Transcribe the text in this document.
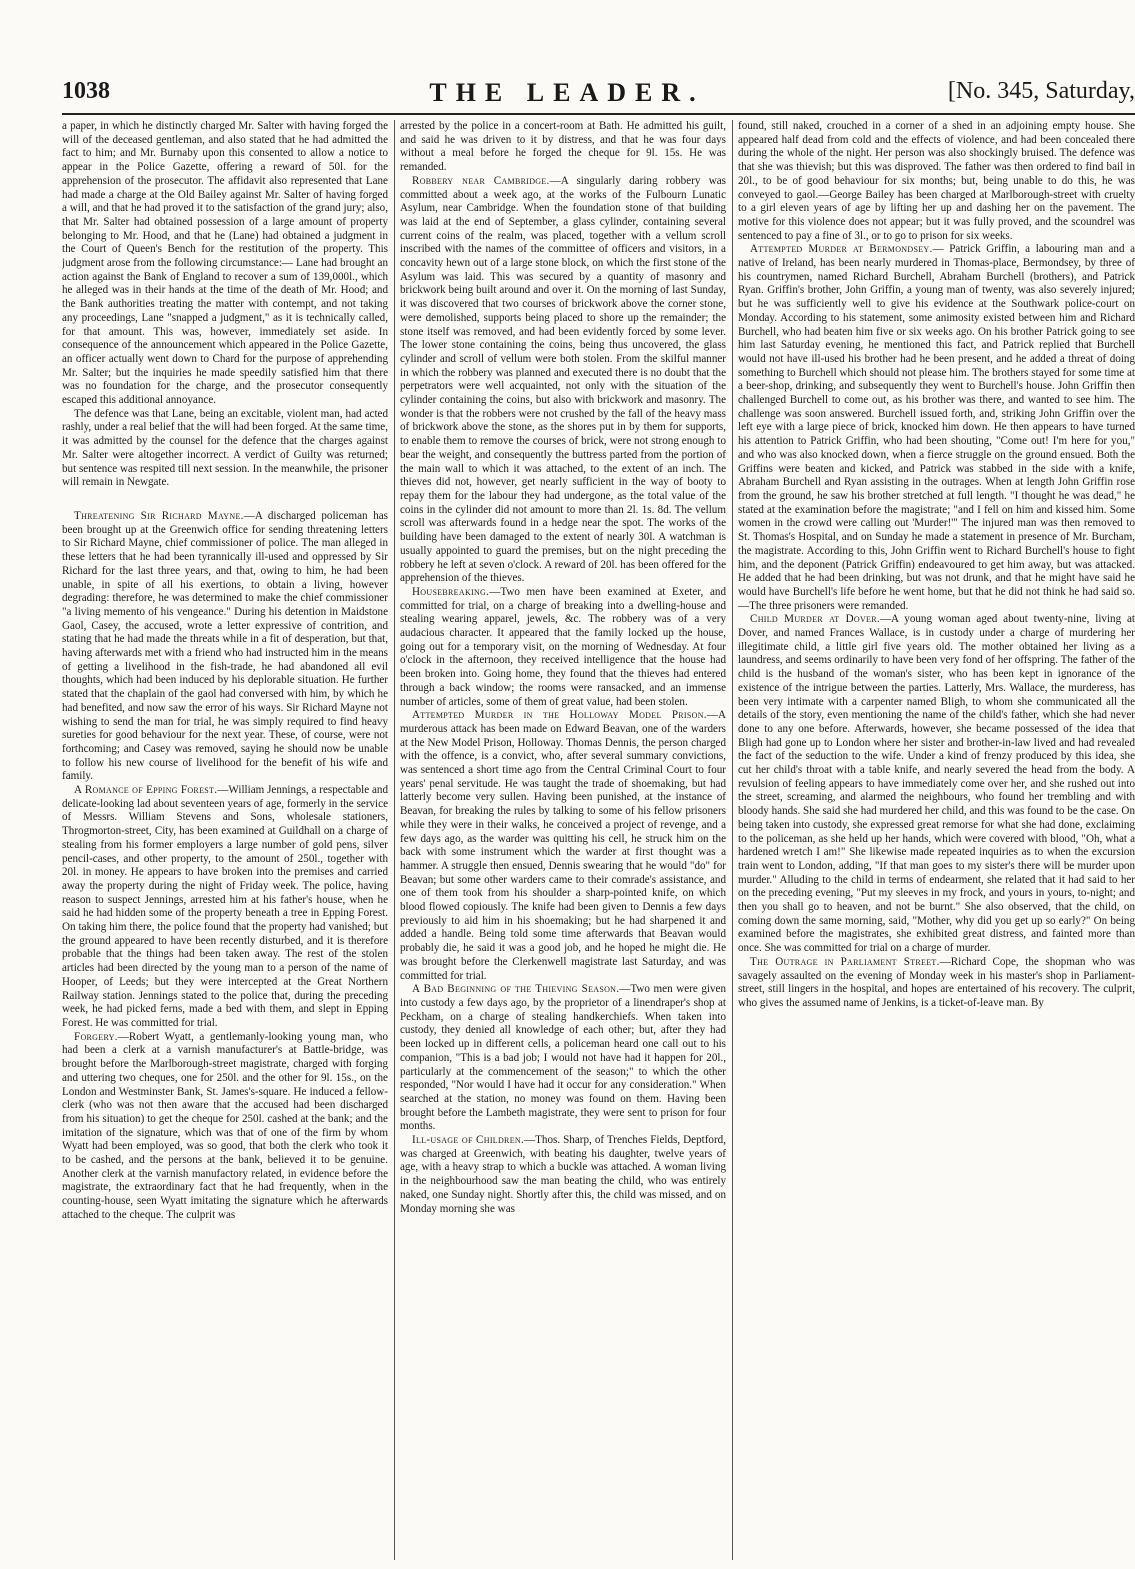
1038	THE LEADER.	[No. 345, Saturday,

a paper, in which he distinctly charged Mr. Salter with having forged the will of the deceased gentleman, and also stated that he had admitted the fact to him; and Mr. Burnaby upon this consented to allow a notice to appear in the Police Gazette, offering a reward of 50l. for the apprehension of the prosecutor. The affidavit also represented that Lane had made a charge at the Old Bailey against Mr. Salter of having forged a will, and that he had proved it to the satisfaction of the grand jury; also, that Mr. Salter had obtained possession of a large amount of property belonging to Mr. Hood, and that he (Lane) had obtained a judgment in the Court of Queen's Bench for the restitution of the property. This judgment arose from the following circumstance:— Lane had brought an action against the Bank of England to recover a sum of 139,000l., which he alleged was in their hands at the time of the death of Mr. Hood; and the Bank authorities treating the matter with contempt, and not taking any proceedings, Lane "snapped a judgment," as it is technically called, for that amount. This was, however, immediately set aside. In consequence of the announcement which appeared in the Police Gazette, an officer actually went down to Chard for the purpose of apprehending Mr. Salter; but the inquiries he made speedily satisfied him that there was no foundation for the charge, and the prosecutor consequently escaped this additional annoyance.

The defence was that Lane, being an excitable, violent man, had acted rashly, under a real belief that the will had been forged. At the same time, it was admitted by the counsel for the defence that the charges against Mr. Salter were altogether incorrect. A verdict of Guilty was returned; but sentence was respited till next session. In the meanwhile, the prisoner will remain in Newgate.

Threatening Sir Richard Mayne.—A discharged policeman has been brought up at the Greenwich office for sending threatening letters to Sir Richard Mayne, chief commissioner of police. The man alleged in these letters that he had been tyrannically ill-used and oppressed by Sir Richard for the last three years, and that, owing to him, he had been unable, in spite of all his exertions, to obtain a living, however degrading: therefore, he was determined to make the chief commissioner "a living memento of his vengeance." During his detention in Maidstone Gaol, Casey, the accused, wrote a letter expressive of contrition, and stating that he had made the threats while in a fit of desperation, but that, having afterwards met with a friend who had instructed him in the means of getting a livelihood in the fish-trade, he had abandoned all evil thoughts, which had been induced by his deplorable situation. He further stated that the chaplain of the gaol had conversed with him, by which he had benefited, and now saw the error of his ways. Sir Richard Mayne not wishing to send the man for trial, he was simply required to find heavy sureties for good behaviour for the next year. These, of course, were not forthcoming; and Casey was removed, saying he should now be unable to follow his new course of livelihood for the benefit of his wife and family.

A Romance of Epping Forest.—William Jennings, a respectable and delicate-looking lad about seventeen years of age, formerly in the service of Messrs. William Stevens and Sons, wholesale stationers, Throgmorton-street, City, has been examined at Guildhall on a charge of stealing from his former employers a large number of gold pens, silver pencil-cases, and other property, to the amount of 250l., together with 20l. in money. He appears to have broken into the premises and carried away the property during the night of Friday week. The police, having reason to suspect Jennings, arrested him at his father's house, when he said he had hidden some of the property beneath a tree in Epping Forest. On taking him there, the police found that the property had vanished; but the ground appeared to have been recently disturbed, and it is therefore probable that the things had been taken away. The rest of the stolen articles had been directed by the young man to a person of the name of Hooper, of Leeds; but they were intercepted at the Great Northern Railway station. Jennings stated to the police that, during the preceding week, he had picked ferns, made a bed with them, and slept in Epping Forest. He was committed for trial.

Forgery.—Robert Wyatt, a gentlemanly-looking young man, who had been a clerk at a varnish manufacturer's at Battle-bridge, was brought before the Marlborough-street magistrate, charged with forging and uttering two cheques, one for 250l. and the other for 9l. 15s., on the London and Westminster Bank, St. James's-square. He induced a fellow-clerk (who was not then aware that the accused had been discharged from his situation) to get the cheque for 250l. cashed at the bank; and the imitation of the signature, which was that of one of the firm by whom Wyatt had been employed, was so good, that both the clerk who took it to be cashed, and the persons at the bank, believed it to be genuine. Another clerk at the varnish manufactory related, in evidence before the magistrate, the extraordinary fact that he had frequently, when in the counting-house, seen Wyatt imitating the signature which he afterwards attached to the cheque. The culprit was

arrested by the police in a concert-room at Bath. He admitted his guilt, and said he was driven to it by distress, and that he was four days without a meal before he forged the cheque for 9l. 15s. He was remanded.

Robbery near Cambridge.—A singularly daring robbery was committed about a week ago, at the works of the Fulbourn Lunatic Asylum, near Cambridge. When the foundation stone of that building was laid at the end of September, a glass cylinder, containing several current coins of the realm, was placed, together with a vellum scroll inscribed with the names of the committee of officers and visitors, in a concavity hewn out of a large stone block, on which the first stone of the Asylum was laid. This was secured by a quantity of masonry and brickwork being built around and over it. On the morning of last Sunday, it was discovered that two courses of brickwork above the corner stone, were demolished, supports being placed to shore up the remainder; the stone itself was removed, and had been evidently forced by some lever. The lower stone containing the coins, being thus uncovered, the glass cylinder and scroll of vellum were both stolen. From the skilful manner in which the robbery was planned and executed there is no doubt that the perpetrators were well acquainted, not only with the situation of the cylinder containing the coins, but also with brickwork and masonry. The wonder is that the robbers were not crushed by the fall of the heavy mass of brickwork above the stone, as the shores put in by them for supports, to enable them to remove the courses of brick, were not strong enough to bear the weight, and consequently the buttress parted from the portion of the main wall to which it was attached, to the extent of an inch. The thieves did not, however, get nearly sufficient in the way of booty to repay them for the labour they had undergone, as the total value of the coins in the cylinder did not amount to more than 2l. 1s. 8d. The vellum scroll was afterwards found in a hedge near the spot. The works of the building have been damaged to the extent of nearly 30l. A watchman is usually appointed to guard the premises, but on the night preceding the robbery he left at seven o'clock. A reward of 20l. has been offered for the apprehension of the thieves.

Housebreaking.—Two men have been examined at Exeter, and committed for trial, on a charge of breaking into a dwelling-house and stealing wearing apparel, jewels, &c. The robbery was of a very audacious character. It appeared that the family locked up the house, going out for a temporary visit, on the morning of Wednesday. At four o'clock in the afternoon, they received intelligence that the house had been broken into. Going home, they found that the thieves had entered through a back window; the rooms were ransacked, and an immense number of articles, some of them of great value, had been stolen.

Attempted Murder in the Holloway Model Prison.—A murderous attack has been made on Edward Beavan, one of the warders at the New Model Prison, Holloway. Thomas Dennis, the person charged with the offence, is a convict, who, after several summary convictions, was sentenced a short time ago from the Central Criminal Court to four years' penal servitude. He was taught the trade of shoemaking, but had latterly become very sullen. Having been punished, at the instance of Beavan, for breaking the rules by talking to some of his fellow prisoners while they were in their walks, he conceived a project of revenge, and a few days ago, as the warder was quitting his cell, he struck him on the back with some instrument which the warder at first thought was a hammer. A struggle then ensued, Dennis swearing that he would "do" for Beavan; but some other warders came to their comrade's assistance, and one of them took from his shoulder a sharp-pointed knife, on which blood flowed copiously. The knife had been given to Dennis a few days previously to aid him in his shoemaking; but he had sharpened it and added a handle. Being told some time afterwards that Beavan would probably die, he said it was a good job, and he hoped he might die. He was brought before the Clerkenwell magistrate last Saturday, and was committed for trial.

A Bad Beginning of the Thieving Season.—Two men were given into custody a few days ago, by the proprietor of a linendraper's shop at Peckham, on a charge of stealing handkerchiefs. When taken into custody, they denied all knowledge of each other; but, after they had been locked up in different cells, a policeman heard one call out to his companion, "This is a bad job; I would not have had it happen for 20l., particularly at the commencement of the season;" to which the other responded, "Nor would I have had it occur for any consideration." When searched at the station, no money was found on them. Having been brought before the Lambeth magistrate, they were sent to prison for four months.

Ill-usage of Children.—Thos. Sharp, of Trenches Fields, Deptford, was charged at Greenwich, with beating his daughter, twelve years of age, with a heavy strap to which a buckle was attached. A woman living in the neighbourhood saw the man beating the child, who was entirely naked, one Sunday night. Shortly after this, the child was missed, and on Monday morning she was

found, still naked, crouched in a corner of a shed in an adjoining empty house. She appeared half dead from cold and the effects of violence, and had been concealed there during the whole of the night. Her person was also shockingly bruised. The defence was that she was thievish; but this was disproved. The father was then ordered to find bail in 20l., to be of good behaviour for six months; but, being unable to do this, he was conveyed to gaol.—George Bailey has been charged at Marlborough-street with cruelty to a girl eleven years of age by lifting her up and dashing her on the pavement. The motive for this violence does not appear; but it was fully proved, and the scoundrel was sentenced to pay a fine of 3l., or to go to prison for six weeks.

Attempted Murder at Bermondsey.— Patrick Griffin, a labouring man and a native of Ireland, has been nearly murdered in Thomas-place, Bermondsey, by three of his countrymen, named Richard Burchell, Abraham Burchell (brothers), and Patrick Ryan. Griffin's brother, John Griffin, a young man of twenty, was also severely injured; but he was sufficiently well to give his evidence at the Southwark police-court on Monday. According to his statement, some animosity existed between him and Richard Burchell, who had beaten him five or six weeks ago. On his brother Patrick going to see him last Saturday evening, he mentioned this fact, and Patrick replied that Burchell would not have ill-used his brother had he been present, and he added a threat of doing something to Burchell which should not please him. The brothers stayed for some time at a beer-shop, drinking, and subsequently they went to Burchell's house. John Griffin then challenged Burchell to come out, as his brother was there, and wanted to see him. The challenge was soon answered. Burchell issued forth, and, striking John Griffin over the left eye with a large piece of brick, knocked him down. He then appears to have turned his attention to Patrick Griffin, who had been shouting, "Come out! I'm here for you," and who was also knocked down, when a fierce struggle on the ground ensued. Both the Griffins were beaten and kicked, and Patrick was stabbed in the side with a knife, Abraham Burchell and Ryan assisting in the outrages. When at length John Griffin rose from the ground, he saw his brother stretched at full length. "I thought he was dead," he stated at the examination before the magistrate; "and I fell on him and kissed him. Some women in the crowd were calling out 'Murder!'" The injured man was then removed to St. Thomas's Hospital, and on Sunday he made a statement in presence of Mr. Burcham, the magistrate. According to this, John Griffin went to Richard Burchell's house to fight him, and the deponent (Patrick Griffin) endeavoured to get him away, but was attacked. He added that he had been drinking, but was not drunk, and that he might have said he would have Burchell's life before he went home, but that he did not think he had said so.—The three prisoners were remanded.

Child Murder at Dover.—A young woman aged about twenty-nine, living at Dover, and named Frances Wallace, is in custody under a charge of murdering her illegitimate child, a little girl five years old. The mother obtained her living as a laundress, and seems ordinarily to have been very fond of her offspring. The father of the child is the husband of the woman's sister, who has been kept in ignorance of the existence of the intrigue between the parties. Latterly, Mrs. Wallace, the murderess, has been very intimate with a carpenter named Bligh, to whom she communicated all the details of the story, even mentioning the name of the child's father, which she had never done to any one before. Afterwards, however, she became possessed of the idea that Bligh had gone up to London where her sister and brother-in-law lived and had revealed the fact of the seduction to the wife. Under a kind of frenzy produced by this idea, she cut her child's throat with a table knife, and nearly severed the head from the body. A revulsion of feeling appears to have immediately come over her, and she rushed out into the street, screaming, and alarmed the neighbours, who found her trembling and with bloody hands. She said she had murdered her child, and this was found to be the case. On being taken into custody, she expressed great remorse for what she had done, exclaiming to the policeman, as she held up her hands, which were covered with blood, "Oh, what a hardened wretch I am!" She likewise made repeated inquiries as to when the excursion train went to London, adding, "If that man goes to my sister's there will be murder upon murder." Alluding to the child in terms of endearment, she related that it had said to her on the preceding evening, "Put my sleeves in my frock, and yours in yours, to-night; and then you shall go to heaven, and not be burnt." She also observed, that the child, on coming down the same morning, said, "Mother, why did you get up so early?" On being examined before the magistrates, she exhibited great distress, and fainted more than once. She was committed for trial on a charge of murder.

The Outrage in Parliament Street.—Richard Cope, the shopman who was savagely assaulted on the evening of Monday week in his master's shop in Parliament-street, still lingers in the hospital, and hopes are entertained of his recovery. The culprit, who gives the assumed name of Jenkins, is a ticket-of-leave man. By
